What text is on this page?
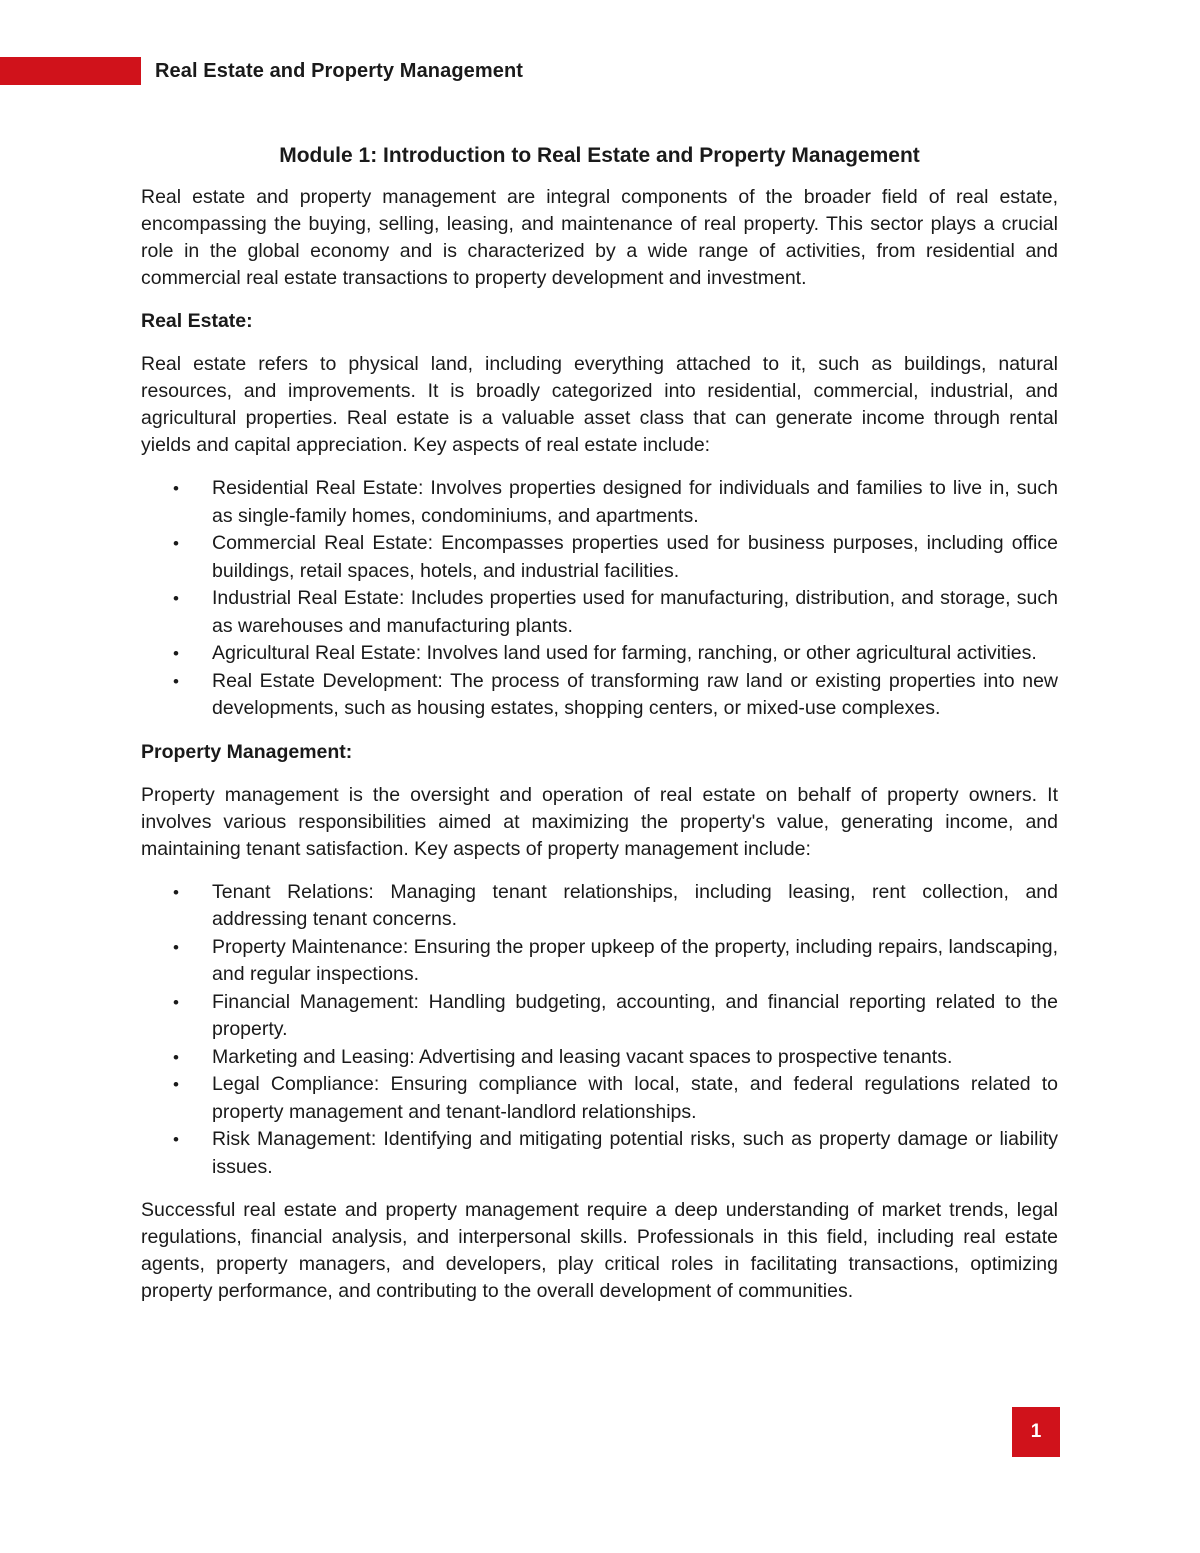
Real Estate and Property Management
Module 1: Introduction to Real Estate and Property Management

Real estate and property management are integral components of the broader field of real estate, encompassing the buying, selling, leasing, and maintenance of real property. This sector plays a crucial role in the global economy and is characterized by a wide range of activities, from residential and commercial real estate transactions to property development and investment.

Real Estate:

Real estate refers to physical land, including everything attached to it, such as buildings, natural resources, and improvements. It is broadly categorized into residential, commercial, industrial, and agricultural properties. Real estate is a valuable asset class that can generate income through rental yields and capital appreciation. Key aspects of real estate include:

• Residential Real Estate: Involves properties designed for individuals and families to live in, such as single-family homes, condominiums, and apartments.
• Commercial Real Estate: Encompasses properties used for business purposes, including office buildings, retail spaces, hotels, and industrial facilities.
• Industrial Real Estate: Includes properties used for manufacturing, distribution, and storage, such as warehouses and manufacturing plants.
• Agricultural Real Estate: Involves land used for farming, ranching, or other agricultural activities.
• Real Estate Development: The process of transforming raw land or existing properties into new developments, such as housing estates, shopping centers, or mixed-use complexes.
Property Management:

Property management is the oversight and operation of real estate on behalf of property owners. It involves various responsibilities aimed at maximizing the property's value, generating income, and maintaining tenant satisfaction. Key aspects of property management include:

• Tenant Relations: Managing tenant relationships, including leasing, rent collection, and addressing tenant concerns.
• Property Maintenance: Ensuring the proper upkeep of the property, including repairs, landscaping, and regular inspections.
• Financial Management: Handling budgeting, accounting, and financial reporting related to the property.
• Marketing and Leasing: Advertising and leasing vacant spaces to prospective tenants.
• Legal Compliance: Ensuring compliance with local, state, and federal regulations related to property management and tenant-landlord relationships.
• Risk Management: Identifying and mitigating potential risks, such as property damage or liability issues.

Successful real estate and property management require a deep understanding of market trends, legal regulations, financial analysis, and interpersonal skills. Professionals in this field, including real estate agents, property managers, and developers, play critical roles in facilitating transactions, optimizing property performance, and contributing to the overall development of communities.

1
